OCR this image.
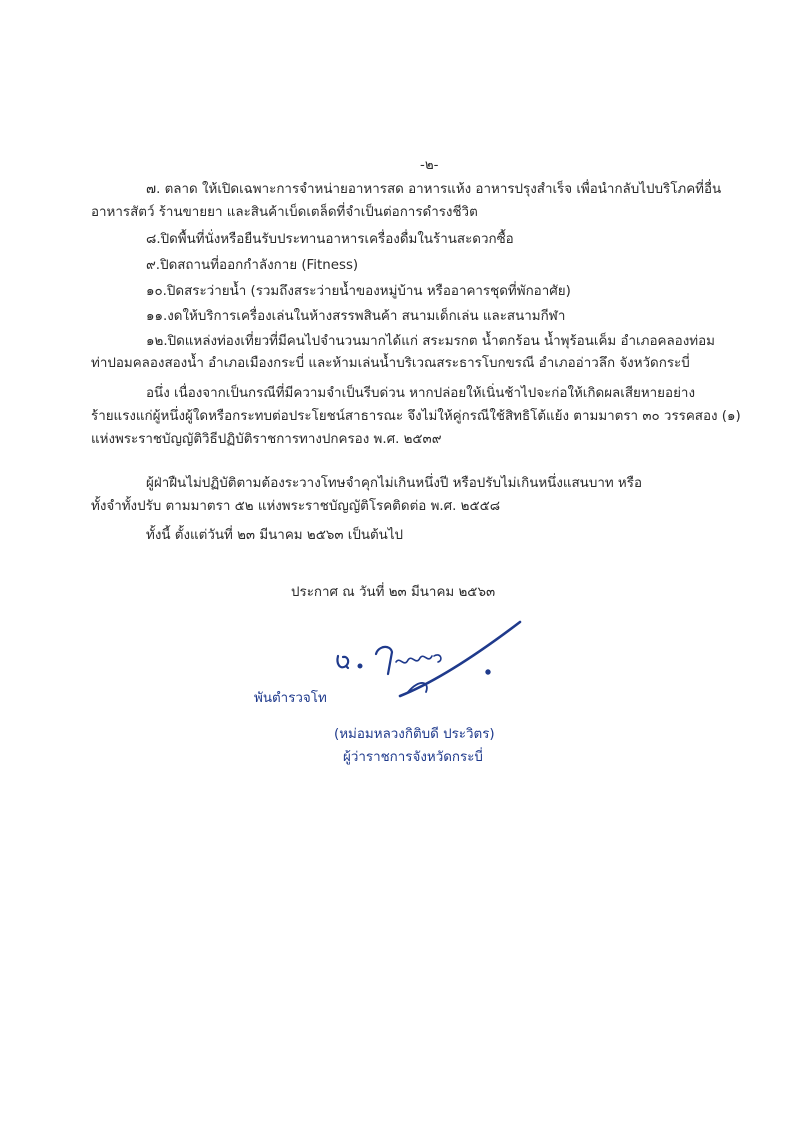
-๒-
๗. ตลาด ให้เปิดเฉพาะการจำหน่ายอาหารสด อาหารแห้ง อาหารปรุงสำเร็จ เพื่อนำกลับไปบริโภคที่อื่น
อาหารสัตว์ ร้านขายยา และสินค้าเบ็ดเตล็ดที่จำเป็นต่อการดำรงชีวิต
๘.ปิดพื้นที่นั่งหรือยืนรับประทานอาหารเครื่องดื่มในร้านสะดวกซื้อ
๙.ปิดสถานที่ออกกำลังกาย (Fitness)
๑๐.ปิดสระว่ายน้ำ (รวมถึงสระว่ายน้ำของหมู่บ้าน หรืออาคารชุดที่พักอาศัย)
๑๑.งดให้บริการเครื่องเล่นในห้างสรรพสินค้า สนามเด็กเล่น และสนามกีฬา
๑๒.ปิดแหล่งท่องเที่ยวที่มีคนไปจำนวนมากได้แก่ สระมรกต น้ำตกร้อน น้ำพุร้อนเค็ม อำเภอคลองท่อม
ท่าปอมคลองสองน้ำ อำเภอเมืองกระบี่ และห้ามเล่นน้ำบริเวณสระธารโบกขรณี อำเภออ่าวลึก จังหวัดกระบี่
อนึ่ง เนื่องจากเป็นกรณีที่มีความจำเป็นรีบด่วน หากปล่อยให้เนิ่นช้าไปจะก่อให้เกิดผลเสียหายอย่าง
ร้ายแรงแก่ผู้หนึ่งผู้ใดหรือกระทบต่อประโยชน์สาธารณะ จึงไม่ให้คู่กรณีใช้สิทธิโต้แย้ง ตามมาตรา ๓๐ วรรคสอง (๑)
แห่งพระราชบัญญัติวิธีปฏิบัติราชการทางปกครอง พ.ศ. ๒๕๓๙
ผู้ฝ่าฝืนไม่ปฏิบัติตามต้องระวางโทษจำคุกไม่เกินหนึ่งปี หรือปรับไม่เกินหนึ่งแสนบาท หรือ
ทั้งจำทั้งปรับ ตามมาตรา ๕๒ แห่งพระราชบัญญัติโรคติดต่อ พ.ศ. ๒๕๕๘
ทั้งนี้ ตั้งแต่วันที่ ๒๓ มีนาคม ๒๕๖๓ เป็นต้นไป
ประกาศ ณ วันที่ ๒๓ มีนาคม ๒๕๖๓
พันตำรวจโท
(หม่อมหลวงกิติบดี ประวิตร)
ผู้ว่าราชการจังหวัดกระบี่
